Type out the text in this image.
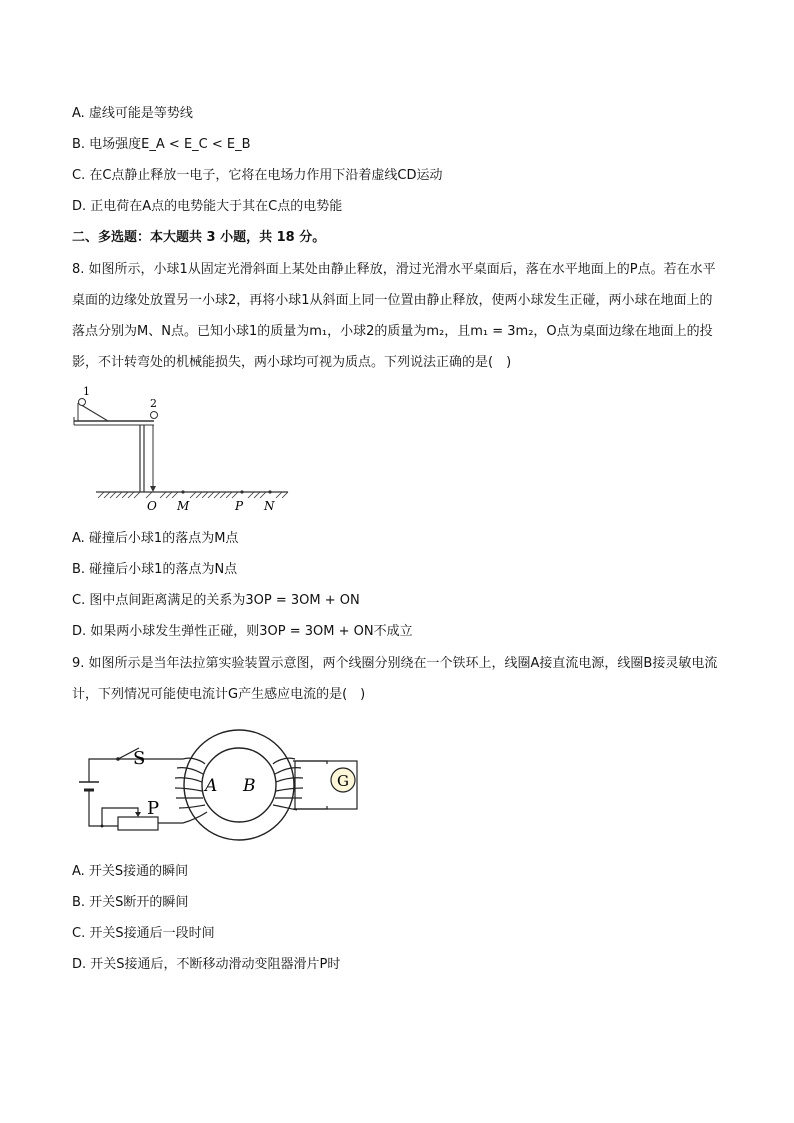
A. 虚线可能是等势线
B. 电场强度E_A < E_C < E_B
C. 在C点静止释放一电子，它将在电场力作用下沿着虚线CD运动
D. 正电荷在A点的电势能大于其在C点的电势能
二、多选题：本大题共 3 小题，共 18 分。
8. 如图所示，小球1从固定光滑斜面上某处由静止释放，滑过光滑水平桌面后，落在水平地面上的P点。若在水平桌面的边缘处放置另一小球2，再将小球1从斜面上同一位置由静止释放，使两小球发生正碰，两小球在地面上的落点分别为M、N点。已知小球1的质量为m₁，小球2的质量为m₂，且m₁ = 3m₂，O点为桌面边缘在地面上的投影，不计转弯处的机械能损失，两小球均可视为质点。下列说法正确的是(　)
1
2
O M	P N
A. 碰撞后小球1的落点为M点
B. 碰撞后小球1的落点为N点
C. 图中点间距离满足的关系为3OP = 3OM + ON
D. 如果两小球发生弹性正碰，则3OP = 3OM + ON不成立
9. 如图所示是当年法拉第实验装置示意图，两个线圈分别绕在一个铁环上，线圈A接直流电源，线圈B接灵敏电流计，下列情况可能使电流计G产生感应电流的是(　)
S
P
A B	G
A. 开关S接通的瞬间
B. 开关S断开的瞬间
C. 开关S接通后一段时间
D. 开关S接通后，不断移动滑动变阻器滑片P时
